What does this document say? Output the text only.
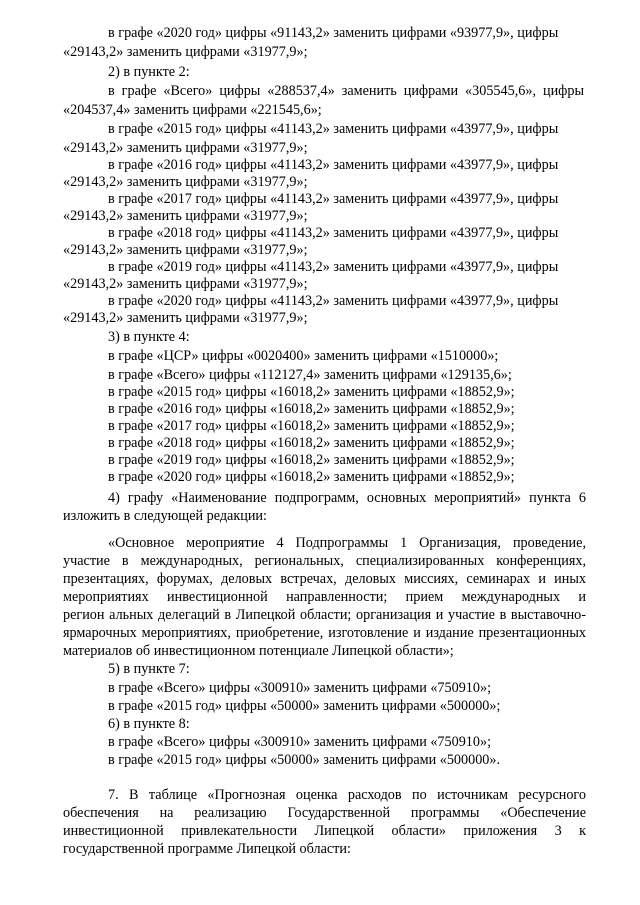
в графе «2020 год» цифры «91143,2» заменить цифрами «93977,9», цифры
«29143,2» заменить цифрами «31977,9»;
2) в пункте 2:
в графе «Всего» цифры «288537,4» заменить цифрами «305545,6», цифры
«204537,4» заменить цифрами «221545,6»;
в графе «2015 год» цифры «41143,2» заменить цифрами «43977,9», цифры
«29143,2» заменить цифрами «31977,9»;
в графе «2016 год» цифры «41143,2» заменить цифрами «43977,9», цифры
«29143,2» заменить цифрами «31977,9»;
в графе «2017 год» цифры «41143,2» заменить цифрами «43977,9», цифры
«29143,2» заменить цифрами «31977,9»;
в графе «2018 год» цифры «41143,2» заменить цифрами «43977,9», цифры
«29143,2» заменить цифрами «31977,9»;
в графе «2019 год» цифры «41143,2» заменить цифрами «43977,9», цифры
«29143,2» заменить цифрами «31977,9»;
в графе «2020 год» цифры «41143,2» заменить цифрами «43977,9», цифры
«29143,2» заменить цифрами «31977,9»;
3) в пункте 4:
в графе «ЦСР» цифры «0020400» заменить цифрами «1510000»;
в графе «Всего» цифры «112127,4» заменить цифрами «129135,6»;
в графе «2015 год» цифры «16018,2» заменить цифрами «18852,9»;
в графе «2016 год» цифры «16018,2» заменить цифрами «18852,9»;
в графе «2017 год» цифры «16018,2» заменить цифрами «18852,9»;
в графе «2018 год» цифры «16018,2» заменить цифрами «18852,9»;
в графе «2019 год» цифры «16018,2» заменить цифрами «18852,9»;
в графе «2020 год» цифры «16018,2» заменить цифрами «18852,9»;
4) графу «Наименование подпрограмм, основных мероприятий» пункта 6
изложить в следующей редакции:
«Основное мероприятие 4 Подпрограммы 1 Организация, проведение,
участие в международных, региональных, специализированных конференциях,
презентациях, форумах, деловых встречах, деловых миссиях, семинарах и иных
мероприятиях инвестиционной направленности; прием международных и
регион альных делегаций в Липецкой области; организация и участие в выставочно-
ярмарочных мероприятиях, приобретение, изготовление и издание презентационных
материалов об инвестиционном потенциале Липецкой области»;
5) в пункте 7:
в графе «Всего» цифры «300910» заменить цифрами «750910»;
в графе «2015 год» цифры «50000» заменить цифрами «500000»;
6) в пункте 8:
в графе «Всего» цифры «300910» заменить цифрами «750910»;
в графе «2015 год» цифры «50000» заменить цифрами «500000».
7. В таблице «Прогнозная оценка расходов по источникам ресурсного
обеспечения на реализацию Государственной программы «Обеспечение
инвестиционной привлекательности Липецкой области» приложения 3 к
государственной программе Липецкой области:
